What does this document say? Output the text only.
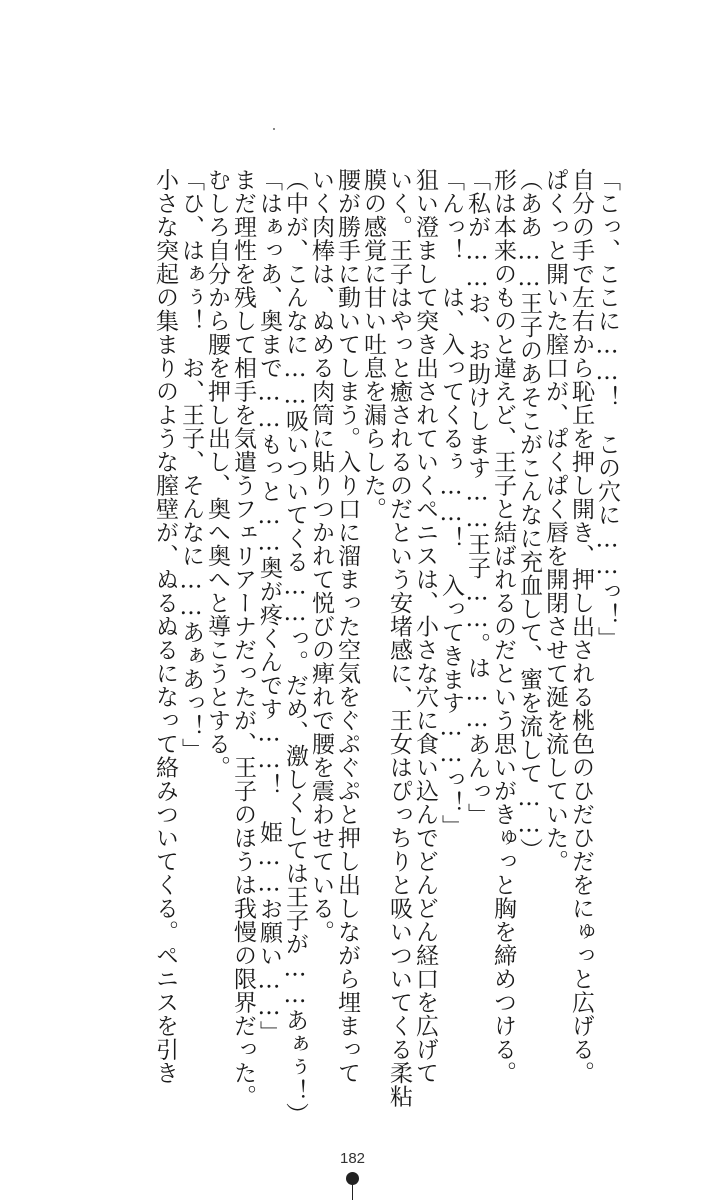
「こっ、ここに……！　この穴に……っ！」
自分の手で左右から恥丘を押し開き、押し出される桃色のひだひだをにゅっと広げる。
ぱくっと開いた膣口が、ぱくぱく唇を開閉させて涎を流していた。
（ああ……王子のあそこがこんなに充血して、蜜を流して……）
形は本来のものと違えど、王子と結ばれるのだという思いがきゅっと胸を締めつける。
「私が……お、お助けします……王子……。は……あんっ」
「んっ！　は、入ってくるぅ……！　入ってきます……っ！」
狙い澄まして突き出されていくペニスは、小さな穴に食い込んでどんどん経口を広げて
いく。王子はやっと癒されるのだという安堵感に、王女はぴっちりと吸いついてくる柔粘
膜の感覚に甘い吐息を漏らした。
腰が勝手に動いてしまう。入り口に溜まった空気をぐぷぐぷと押し出しながら埋まって
いく肉棒は、ぬめる肉筒に貼りつかれて悦びの痺れで腰を震わせている。
（中が、こんなに……吸いついてくる……っ。だめ、激しくしては王子が……あぁぅ！）
「はぁっあ、奥まで……もっと……奥が疼くんです……！　姫……お願い……」
まだ理性を残して相手を気遣うフェリアーナだったが、王子のほうは我慢の限界だった。
むしろ自分から腰を押し出し、奥へ奥へと導こうとする。
「ひ、はぁぅ！　お、王子、そんなに……あぁあっ！」
小さな突起の集まりのような膣壁が、ぬるぬるになって絡みついてくる。ペニスを引き
182
